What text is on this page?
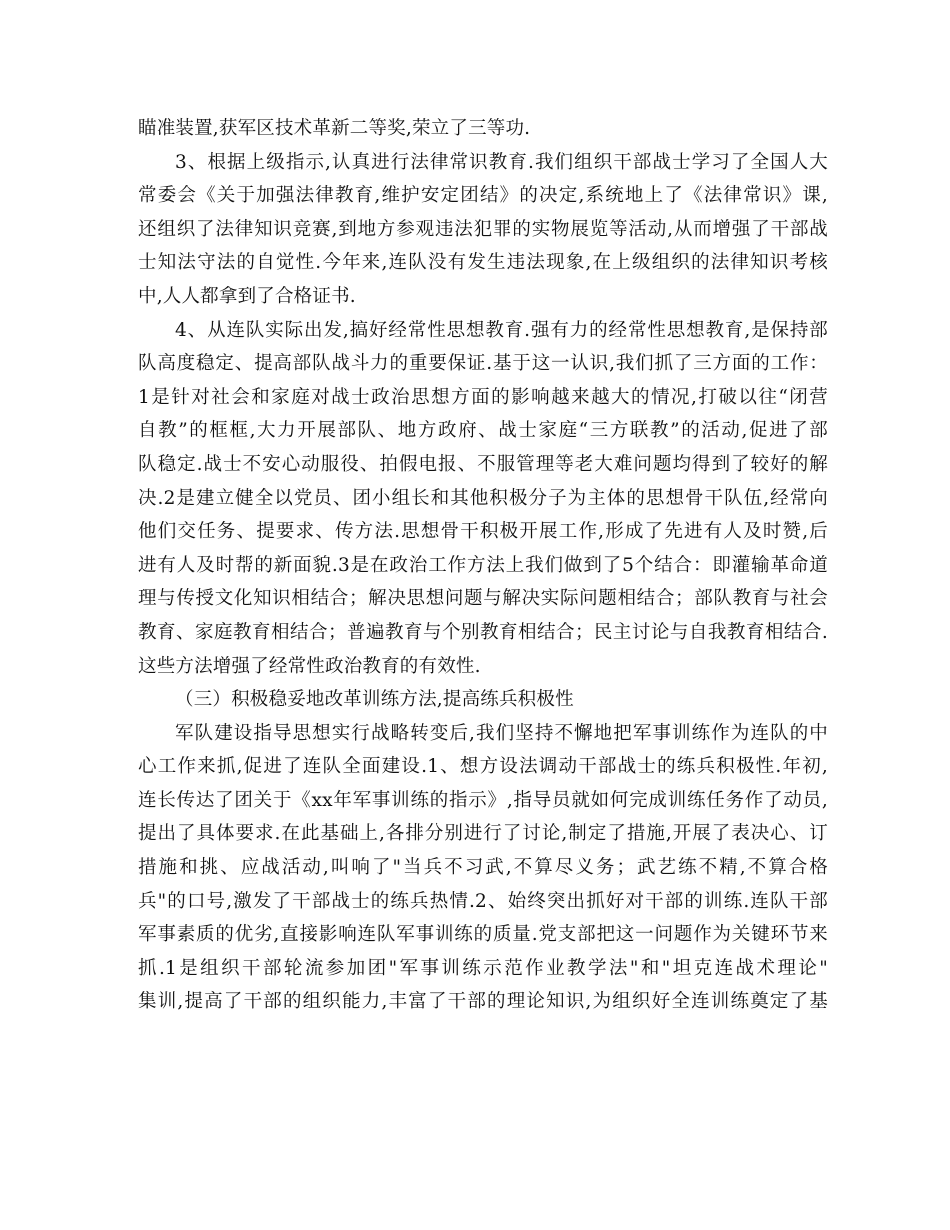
瞄准装置,获军区技术革新二等奖,荣立了三等功.
3、根据上级指示,认真进行法律常识教育.我们组织干部战士学习了全国人大
常委会《关于加强法律教育,维护安定团结》的决定,系统地上了《法律常识》课,
还组织了法律知识竞赛,到地方参观违法犯罪的实物展览等活动,从而增强了干部战
士知法守法的自觉性.今年来,连队没有发生违法现象,在上级组织的法律知识考核
中,人人都拿到了合格证书.
4、从连队实际出发,搞好经常性思想教育.强有力的经常性思想教育,是保持部
队高度稳定、提高部队战斗力的重要保证.基于这一认识,我们抓了三方面的工作：
1是针对社会和家庭对战士政治思想方面的影响越来越大的情况,打破以往“闭营
自教”的框框,大力开展部队、地方政府、战士家庭“三方联教”的活动,促进了部
队稳定.战士不安心动服役、拍假电报、不服管理等老大难问题均得到了较好的解
决.2是建立健全以党员、团小组长和其他积极分子为主体的思想骨干队伍,经常向
他们交任务、提要求、传方法.思想骨干积极开展工作,形成了先进有人及时赞,后
进有人及时帮的新面貌.3是在政治工作方法上我们做到了5个结合：即灌输革命道
理与传授文化知识相结合；解决思想问题与解决实际问题相结合；部队教育与社会
教育、家庭教育相结合；普遍教育与个别教育相结合；民主讨论与自我教育相结合.
这些方法增强了经常性政治教育的有效性.
（三）积极稳妥地改革训练方法,提高练兵积极性
军队建设指导思想实行战略转变后,我们坚持不懈地把军事训练作为连队的中
心工作来抓,促进了连队全面建设.1、想方设法调动干部战士的练兵积极性.年初,
连长传达了团关于《xx年军事训练的指示》,指导员就如何完成训练任务作了动员,
提出了具体要求.在此基础上,各排分别进行了讨论,制定了措施,开展了表决心、订
措施和挑、应战活动,叫响了"当兵不习武,不算尽义务；武艺练不精,不算合格
兵"的口号,激发了干部战士的练兵热情.2、始终突出抓好对干部的训练.连队干部
军事素质的优劣,直接影响连队军事训练的质量.党支部把这一问题作为关键环节来
抓.1是组织干部轮流参加团"军事训练示范作业教学法"和"坦克连战术理论"
集训,提高了干部的组织能力,丰富了干部的理论知识,为组织好全连训练奠定了基
